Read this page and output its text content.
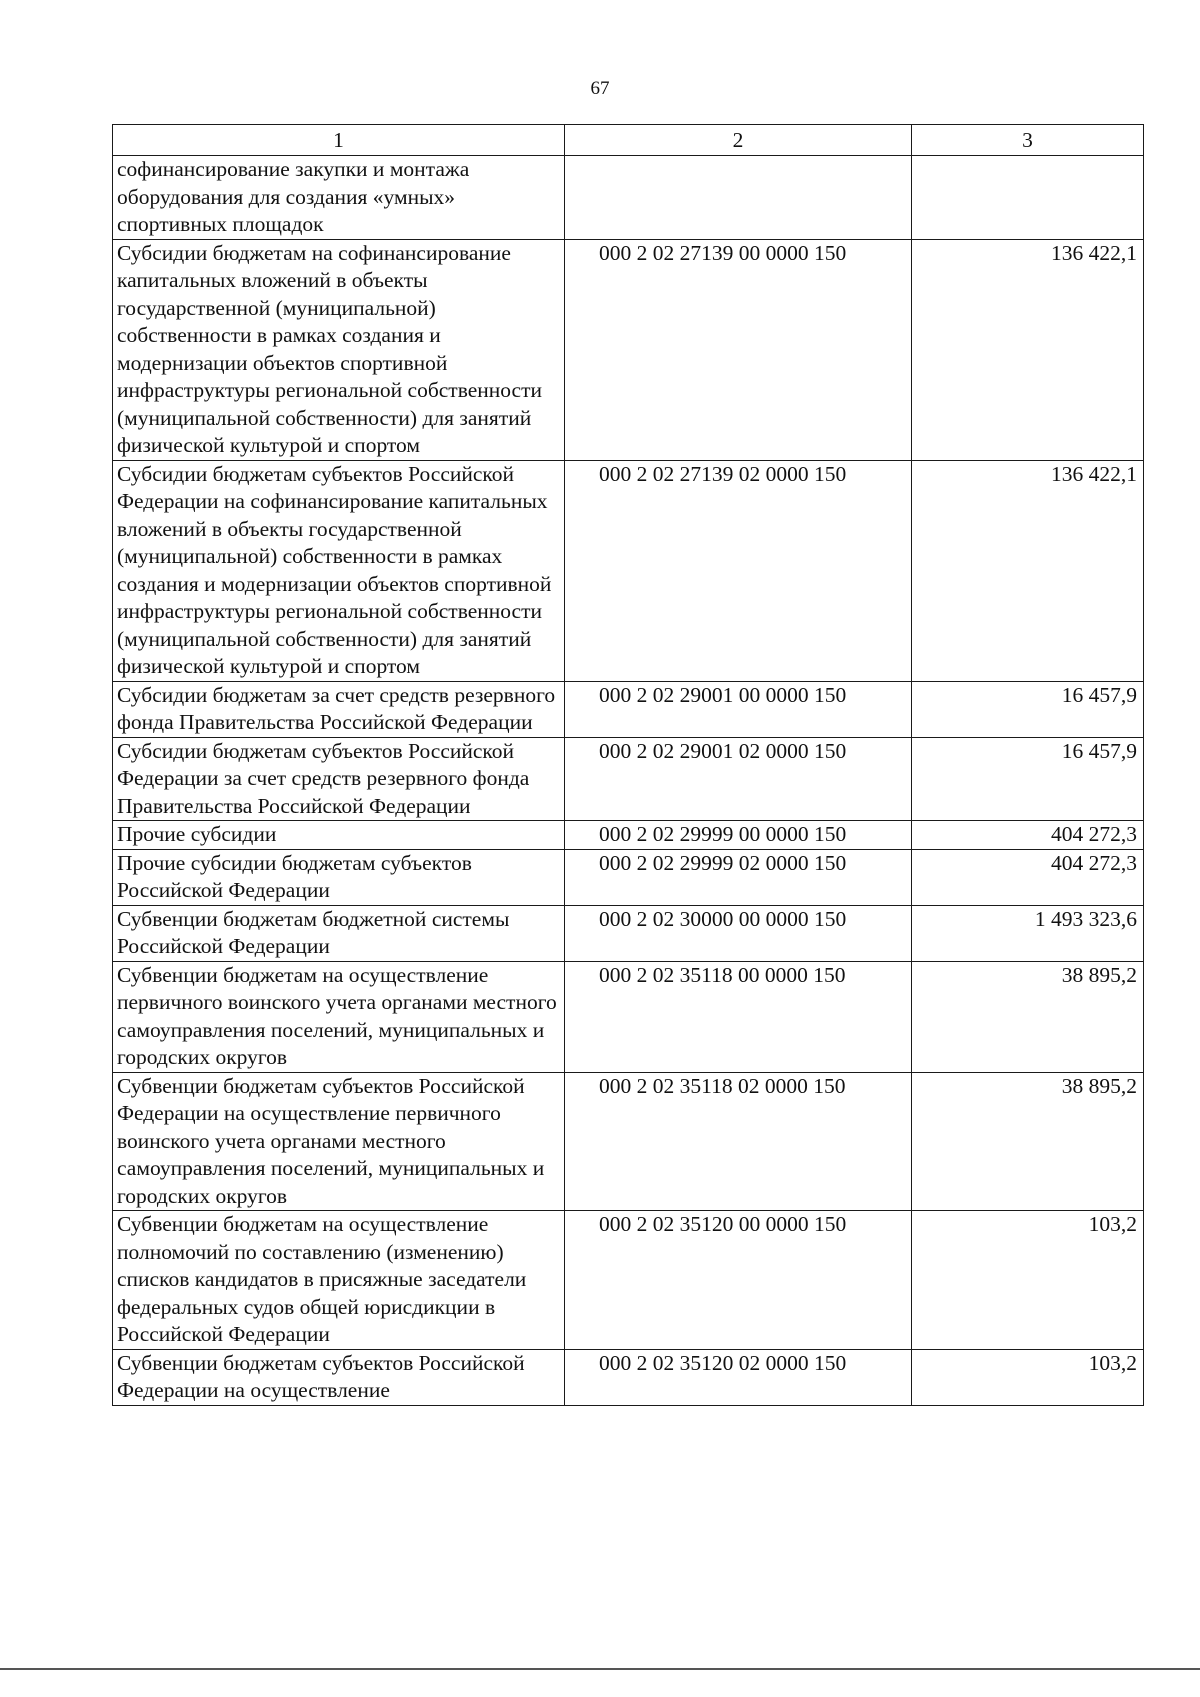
67
1	2	3
софинансирование закупки и монтажа оборудования для создания «умных» спортивных площадок		
Субсидии бюджетам на софинансирование капитальных вложений в объекты государственной (муниципальной) собственности в рамках создания и модернизации объектов спортивной инфраструктуры региональной собственности (муниципальной собственности) для занятий физической культурой и спортом	000 2 02 27139 00 0000 150	136 422,1
Субсидии бюджетам субъектов Российской Федерации на софинансирование капитальных вложений в объекты государственной (муниципальной) собственности в рамках создания и модернизации объектов спортивной инфраструктуры региональной собственности (муниципальной собственности) для занятий физической культурой и спортом	000 2 02 27139 02 0000 150	136 422,1
Субсидии бюджетам за счет средств резервного фонда Правительства Российской Федерации	000 2 02 29001 00 0000 150	16 457,9
Субсидии бюджетам субъектов Российской Федерации за счет средств резервного фонда Правительства Российской Федерации	000 2 02 29001 02 0000 150	16 457,9
Прочие субсидии	000 2 02 29999 00 0000 150	404 272,3
Прочие субсидии бюджетам субъектов Российской Федерации	000 2 02 29999 02 0000 150	404 272,3
Субвенции бюджетам бюджетной системы Российской Федерации	000 2 02 30000 00 0000 150	1 493 323,6
Субвенции бюджетам на осуществление первичного воинского учета органами местного самоуправления поселений, муниципальных и городских округов	000 2 02 35118 00 0000 150	38 895,2
Субвенции бюджетам субъектов Российской Федерации на осуществление первичного воинского учета органами местного самоуправления поселений, муниципальных и городских округов	000 2 02 35118 02 0000 150	38 895,2
Субвенции бюджетам на осуществление полномочий по составлению (изменению) списков кандидатов в присяжные заседатели федеральных судов общей юрисдикции в Российской Федерации	000 2 02 35120 00 0000 150	103,2
Субвенции бюджетам субъектов Российской Федерации на осуществление	000 2 02 35120 02 0000 150	103,2
